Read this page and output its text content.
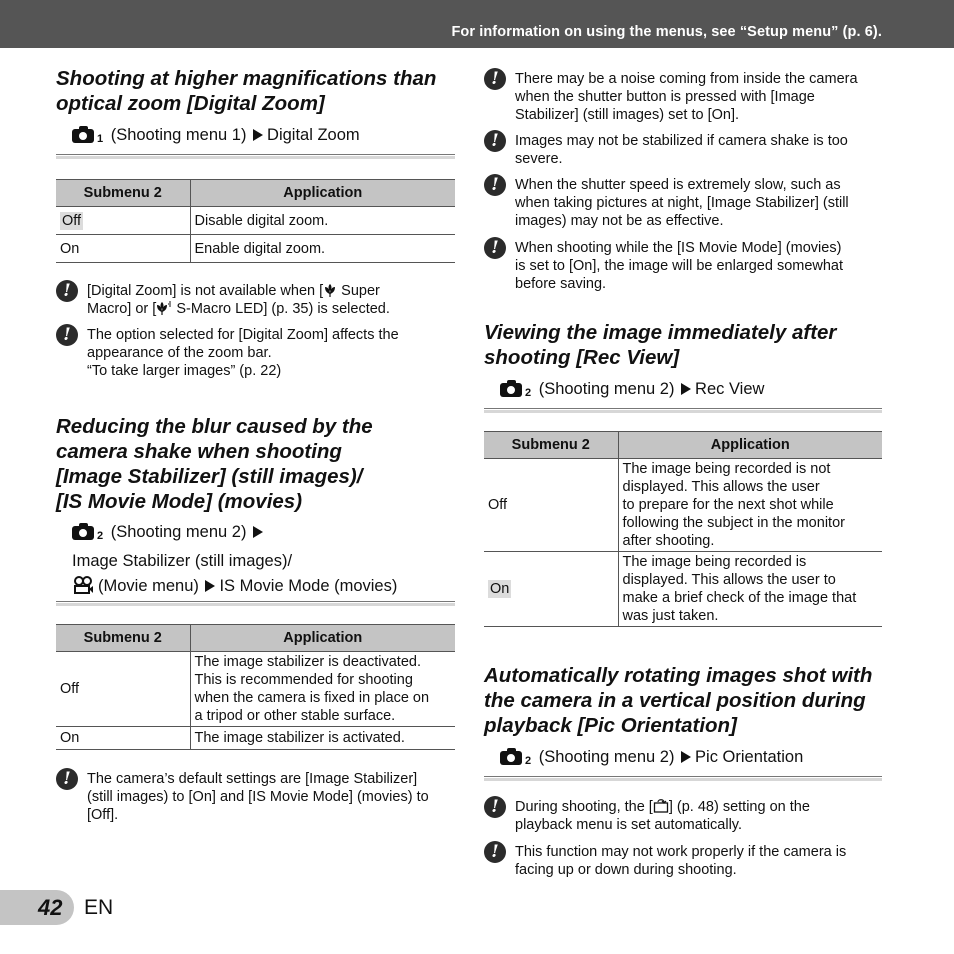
For information on using the menus, see “Setup menu” (p. 6).
Shooting at higher magnifications than
optical zoom [Digital Zoom]
1 (Shooting menu 1) Digital Zoom
Submenu 2	Application
Off	Disable digital zoom.
On	Enable digital zoom.
!	[Digital Zoom] is not available when [ Super
Macro] or [ S-Macro LED] (p. 35) is selected.
!	The option selected for [Digital Zoom] affects the
appearance of the zoom bar.
“To take larger images” (p. 22)
Reducing the blur caused by the
camera shake when shooting
[Image Stabilizer] (still images)/
[IS Movie Mode] (movies)
2 (Shooting menu 2)
Image Stabilizer (still images)/
(Movie menu) IS Movie Mode (movies)
Submenu 2	Application
Off	The image stabilizer is deactivated.
This is recommended for shooting
when the camera is fixed in place on
a tripod or other stable surface.
On	The image stabilizer is activated.
!	The camera’s default settings are [Image Stabilizer]
(still images) to [On] and [IS Movie Mode] (movies) to
[Off].
!	There may be a noise coming from inside the camera
when the shutter button is pressed with [Image
Stabilizer] (still images) set to [On].
!	Images may not be stabilized if camera shake is too
severe.
!	When the shutter speed is extremely slow, such as
when taking pictures at night, [Image Stabilizer] (still
images) may not be as effective.
!	When shooting while the [IS Movie Mode] (movies)
is set to [On], the image will be enlarged somewhat
before saving.
Viewing the image immediately after
shooting [Rec View]
2 (Shooting menu 2) Rec View
Submenu 2	Application
Off	The image being recorded is not
displayed. This allows the user
to prepare for the next shot while
following the subject in the monitor
after shooting.
On	The image being recorded is
displayed. This allows the user to
make a brief check of the image that
was just taken.
Automatically rotating images shot with
the camera in a vertical position during
playback [Pic Orientation]
2 (Shooting menu 2) Pic Orientation
!	During shooting, the [ ] (p. 48) setting on the
playback menu is set automatically.
!	This function may not work properly if the camera is
facing up or down during shooting.
42 EN
